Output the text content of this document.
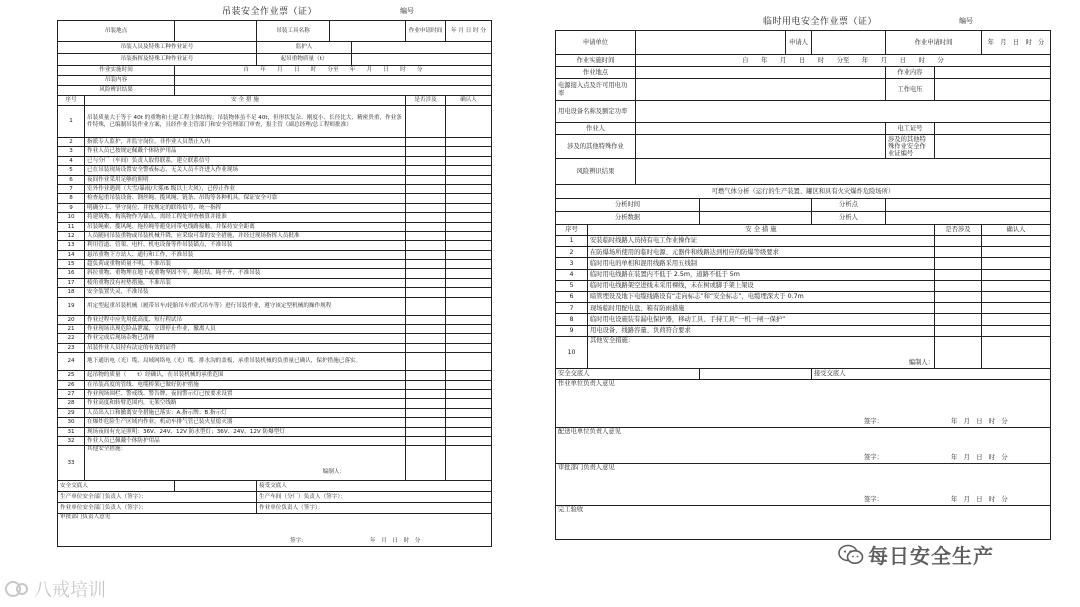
吊装安全作业票（证）	编号
吊装地点			吊装工具名称			作业申请时间	年 月 日 时 分
吊装人员及特殊工种作业证号			监护人				
吊装指挥及特殊工种作业证号			起吊重物质量（t）				
作业实施时间		自　　年　　月　　日　　时　　分至　　年　　月　　日　　时　　分					
吊装内容							
风险辨识结果							
序号	安 全 措 施					是否涉及	确认人
1	吊装质量大于等于 40t 的重物和土建工程主体结构；吊装物体虽不足 40t，但形状复杂、刚度小、长径比大、精密贵重，作业条件特殊，已编制吊装作业方案，且经作业主管部门和安全管理部门审查，报主管（副总经理/总工程师批准）						
2	指派专人监护，并监守岗位，非作业人员禁止入内						
3	作业人员已按规定佩戴个体防护用品						
4	已与分厂（车间）负责人取得联系，建立联系信号						
5	已在吊装现场设置安全警戒标志，无关人员不许进入作业现场						
6	夜间作业采用足够的照明						
7	室外作业遇到（大雪/暴雨/大雾/6 级以上大风），已停止作业						
8	检查起重吊装设备、钢丝绳、揽风绳、链条、吊钩等各种机具，保证安全可靠						
9	明确分工、坚守岗位，并按规定的联络信号，统一指挥						
10	将建筑物、构筑物作为锚点，需经工程处审查核算并批准						
11	吊装绳索、揽风绳、拖拉绳等避免同带电线路接触，并保持安全距离						
12	人员随同吊装重物或吊装机械升降，应采取可靠的安全措施，并经过现场指挥人员批准						
13	利用管道、管架、电杆、机电设备等作吊装锚点，不准吊装						
14	悬吊重物下方站人、通行和工作，不准吊装						
15	超负荷或重物质量不明，不准吊装						
16	斜拉重物、重物埋在地下或重物坚固不牢，绳打结、绳不齐，不准吊装						
17	棱角重物没有衬垫措施，不准吊装						
18	安全装置失灵，不准吊装						
19	用定型起重吊装机械（履带吊车/轮胎吊车/轿式吊车等）进行吊装作业，遵守该定型机械的操作规程						
20	作业过程中应先用低高度、短行程试吊						
21	作业现场出现危险品泄漏，立即停止作业，撤离人员						
22	作业完成后现场杂物已清理						
23	吊装作业人员持有法定的有效的证件						
24	地下通讯电（光）缆、局域网络电（光）缆、排水沟的盖板，承重吊装机械的负重量已确认，保护措施已落实。						
25	起吊物的质量（　　t）经确认，在吊装机械的承重范围						
26	在吊装高度的管线、电缆桥架已做好防护措施						
27	作业现场围栏、警戒线、警告牌、夜间警示灯已按要求设置						
28	作业高度和转臂范围内，无架空线路						
29	人员出入口和撤离安全措施已落实：A.指示牌；B.指示灯						
30	在爆炸危险生产区域内作业，机动车排气管已装火星熄灭器						
31	现场夜间有充足照明：36V、24V、12V 防水型灯；36V、24V、12V 防爆型灯						
32	作业人员已佩戴个体防护用品						
33	其他安全措施：
编制人：						

安全交底人			接受交底人				
生产单位安全部门负责人（签字）：			生产车间（分厂）负责人（签字）：				
作业单位安全部门负责人（签字）：			作业单位负责人（签字）：				
审批部门负责人意见
签字： 年　月　日　时　分							
临时用电安全作业票（证）	编号
申请单位				申请人		作业申请时间		年　月　日　时　分
作业实施时间		自　　年　　月　　日　　时　　分至　　年　　月　　日　　时　　分						
作业地点						作业内容		
电源接入点及许可用电功率						工作电压		
用电设备名称及额定功率								
作业人						电工证号		
涉及的其他特殊作业						涉及的其他特殊作业安全作业证编号		
风险辨识结果								
可燃气体分析（运行的生产装置、罐区和具有火灾爆炸危险场所）								
分析时间					分析点			
分析数据					分析人			
序号	安 全 措 施						是否涉及	确认人
1	安装临时线路人员持有电工作业操作证							
2	在防爆场所使用的临时电源、元器件和线路达到相应的防爆等级要求							
3	临时用电的单相和混用线路采用五线制							
4	临时用电线路在装置内不低于 2.5m，道路不低于 5m							
5	临时用电线路架空进线未采用裸线，未在树或脚手架上架设							
6	暗管埋设及地下电缆线路设有“走向标志”和“安全标志”，电缆埋深大于 0.7m							
7	现场临时用配电盘、箱有防雨措施							
8	临时用电设施装有漏电保护器，移动工具、手持工具“一机一闸一保护”							
9	用电设备、线路容量、负荷符合要求							
10	其他安全措施：
编制人：							

安全交底人					接受交底人			
作业单位负责人意见
签字： 年　月　日　时　分								

配送电单位负责人意见
签字： 年　月　日　时　分								

审批部门负责人意见
签字： 年　月　日　时　分								

完工验收								
每日安全生产
八戒培训
